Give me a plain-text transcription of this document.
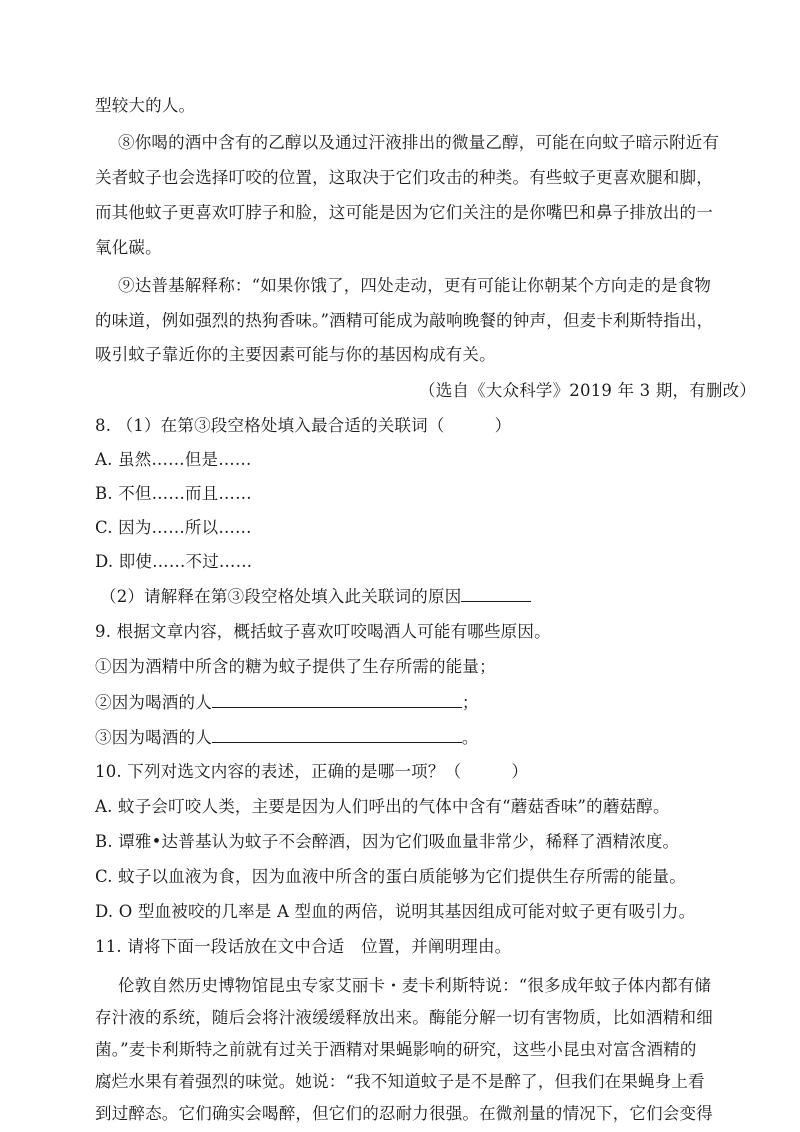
型较大的人。
⑧你喝的酒中含有的乙醇以及通过汗液排出的微量乙醇，可能在向蚊子暗示附近有
关者蚊子也会选择叮咬的位置，这取决于它们攻击的种类。有些蚊子更喜欢腿和脚，
而其他蚊子更喜欢叮脖子和脸，这可能是因为它们关注的是你嘴巴和鼻子排放出的一
氧化碳。
⑨达普基解释称：“如果你饿了，四处走动，更有可能让你朝某个方向走的是食物
的味道，例如强烈的热狗香味。”酒精可能成为敲响晚餐的钟声，但麦卡利斯特指出，
吸引蚊子靠近你的主要因素可能与你的基因构成有关。
（选自《大众科学》2019 年 3 期，有删改）
8. （1）在第③段空格处填入最合适的关联词（　　　）
A. 虽然……但是……
B. 不但……而且……
C. 因为……所以……
D. 即使……不过……
（2）请解释在第③段空格处填入此关联词的原因
9. 根据文章内容，概括蚊子喜欢叮咬喝酒人可能有哪些原因。
①因为酒精中所含的糖为蚊子提供了生存所需的能量；
②因为喝酒的人	；
③因为喝酒的人	。
10. 下列对选文内容的表述，正确的是哪一项？（　　　）
A. 蚊子会叮咬人类，主要是因为人们呼出的气体中含有“蘑菇香味”的蘑菇醇。
B. 谭雅•达普基认为蚊子不会醉酒，因为它们吸血量非常少，稀释了酒精浓度。
C. 蚊子以血液为食，因为血液中所含的蛋白质能够为它们提供生存所需的能量。
D. O 型血被咬的几率是 A 型血的两倍，说明其基因组成可能对蚊子更有吸引力。
11. 请将下面一段话放在文中合适　位置，并阐明理由。
伦敦自然历史博物馆昆虫专家艾丽卡・麦卡利斯特说：“很多成年蚊子体内都有储
存汁液的系统，随后会将汁液缓缓释放出来。酶能分解一切有害物质，比如酒精和细
菌。”麦卡利斯特之前就有过关于酒精对果蝇影响的研究，这些小昆虫对富含酒精的
腐烂水果有着强烈的味觉。她说：“我不知道蚊子是不是醉了，但我们在果蝇身上看
到过醉态。它们确实会喝醉，但它们的忍耐力很强。在微剂量的情况下，它们会变得
